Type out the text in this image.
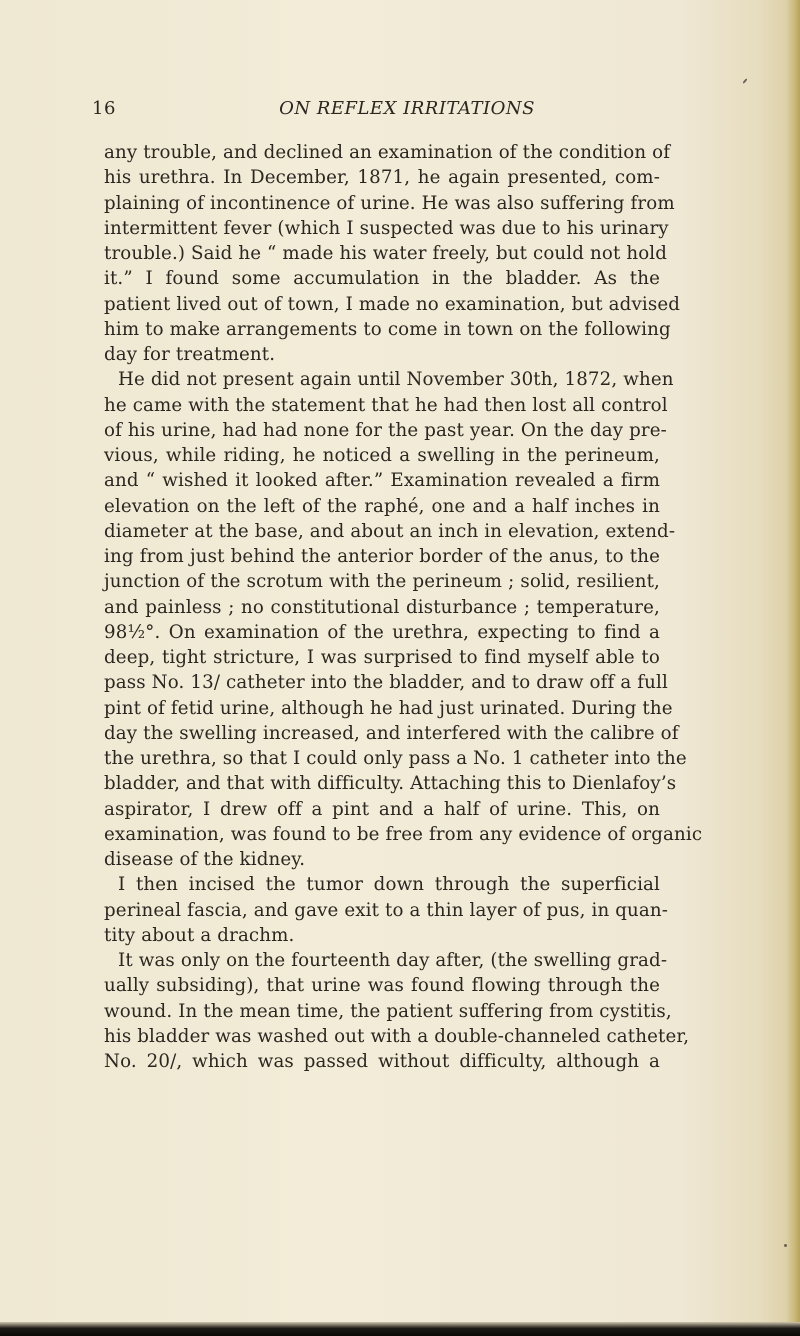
16	ON REFLEX IRRITATIONS
any trouble, and declined an examination of the condition of
his urethra. In December, 1871, he again presented, com-
plaining of incontinence of urine. He was also suffering from
intermittent fever (which I suspected was due to his urinary
trouble.) Said he “ made his water freely, but could not hold
it.” I found some accumulation in the bladder. As the
patient lived out of town, I made no examination, but advised
him to make arrangements to come in town on the following
day for treatment.
He did not present again until November 30th, 1872, when
he came with the statement that he had then lost all control
of his urine, had had none for the past year. On the day pre-
vious, while riding, he noticed a swelling in the perineum,
and “ wished it looked after.” Examination revealed a firm
elevation on the left of the raphé, one and a half inches in
diameter at the base, and about an inch in elevation, extend-
ing from just behind the anterior border of the anus, to the
junction of the scrotum with the perineum ; solid, resilient,
and painless ; no constitutional disturbance ; temperature,
98½°. On examination of the urethra, expecting to find a
deep, tight stricture, I was surprised to find myself able to
pass No. 13/ catheter into the bladder, and to draw off a full
pint of fetid urine, although he had just urinated. During the
day the swelling increased, and interfered with the calibre of
the urethra, so that I could only pass a No. 1 catheter into the
bladder, and that with difficulty. Attaching this to Dienlafoy’s
aspirator, I drew off a pint and a half of urine. This, on
examination, was found to be free from any evidence of organic
disease of the kidney.
I then incised the tumor down through the superficial
perineal fascia, and gave exit to a thin layer of pus, in quan-
tity about a drachm.
It was only on the fourteenth day after, (the swelling grad-
ually subsiding), that urine was found flowing through the
wound. In the mean time, the patient suffering from cystitis,
his bladder was washed out with a double-channeled catheter,
No. 20/, which was passed without difficulty, although a
